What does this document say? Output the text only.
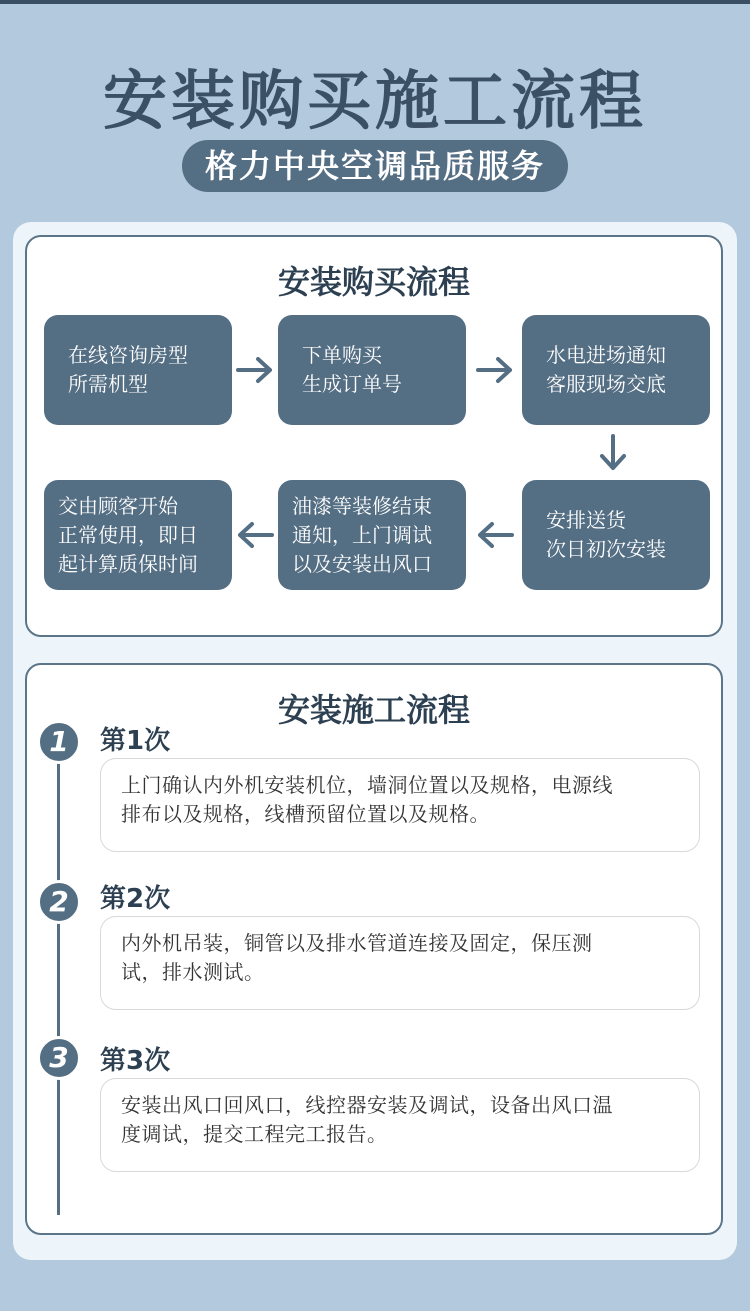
安装购买施工流程
格力中央空调品质服务
安装购买流程
在线咨询房型
所需机型
下单购买
生成订单号
水电进场通知
客服现场交底
安排送货
次日初次安装
油漆等装修结束
通知，上门调试
以及安装出风口
交由顾客开始
正常使用，即日
起计算质保时间
安装施工流程
1	第1次
上门确认内外机安装机位，墙洞位置以及规格，电源线
排布以及规格，线槽预留位置以及规格。
2	第2次
内外机吊装，铜管以及排水管道连接及固定，保压测
试，排水测试。
3	第3次
安装出风口回风口，线控器安装及调试，设备出风口温
度调试，提交工程完工报告。
